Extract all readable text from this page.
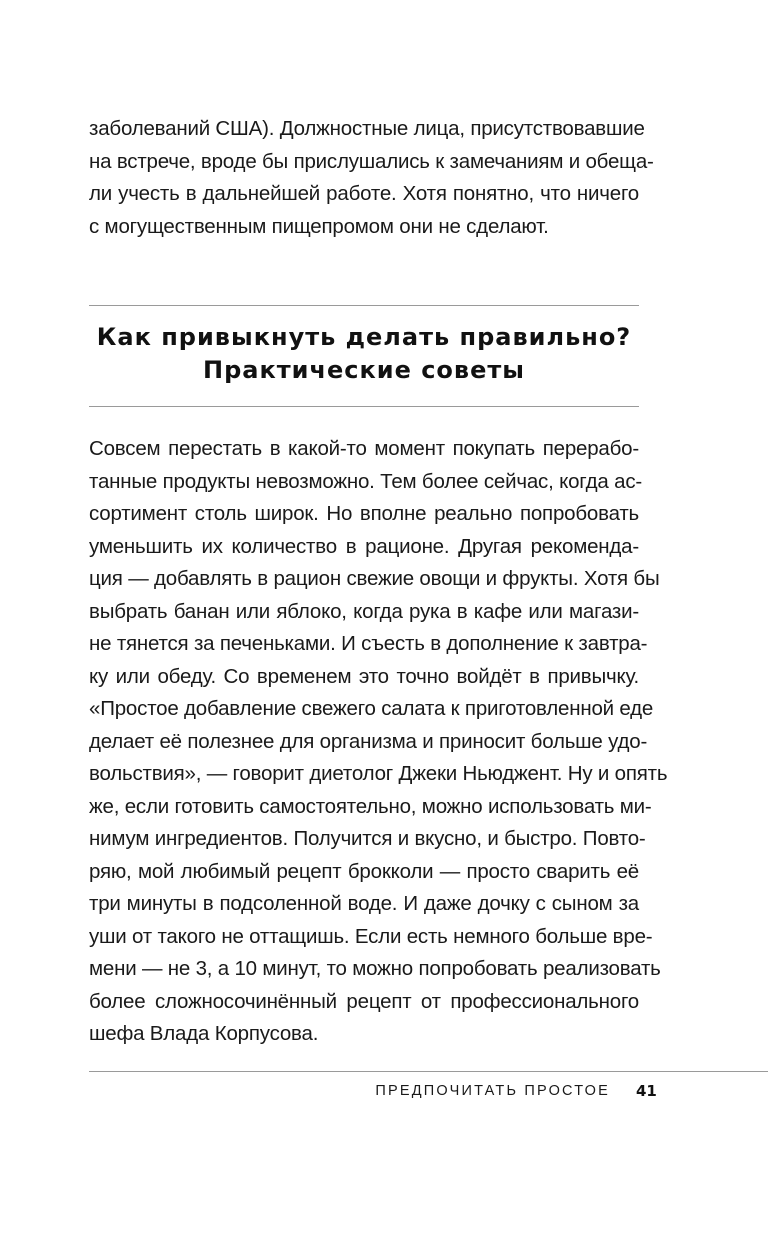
заболеваний США). Должностные лица, присутствовавшие
на встрече, вроде бы прислушались к замечаниям и обеща-
ли учесть в дальнейшей работе. Хотя понятно, что ничего
с могущественным пищепромом они не сделают.
Как привыкнуть делать правильно?
Практические советы
Совсем перестать в какой-то момент покупать перерабо-
танные продукты невозможно. Тем более сейчас, когда ас-
сортимент столь широк. Но вполне реально попробовать
уменьшить их количество в рационе. Другая рекоменда-
ция — добавлять в рацион свежие овощи и фрукты. Хотя бы
выбрать банан или яблоко, когда рука в кафе или магази-
не тянется за печеньками. И съесть в дополнение к завтра-
ку или обеду. Со временем это точно войдёт в привычку.
«Простое добавление свежего салата к приготовленной еде
делает её полезнее для организма и приносит больше удо-
вольствия», — говорит диетолог Джеки Ньюджент. Ну и опять
же, если готовить самостоятельно, можно использовать ми-
нимум ингредиентов. Получится и вкусно, и быстро. Повто-
ряю, мой любимый рецепт брокколи — просто сварить её
три минуты в подсоленной воде. И даже дочку с сыном за
уши от такого не оттащишь. Если есть немного больше вре-
мени — не 3, а 10 минут, то можно попробовать реализовать
более сложносочинённый рецепт от профессионального
шефа Влада Корпусова.
ПРЕДПОЧИТАТЬ ПРОСТОЕ 41
